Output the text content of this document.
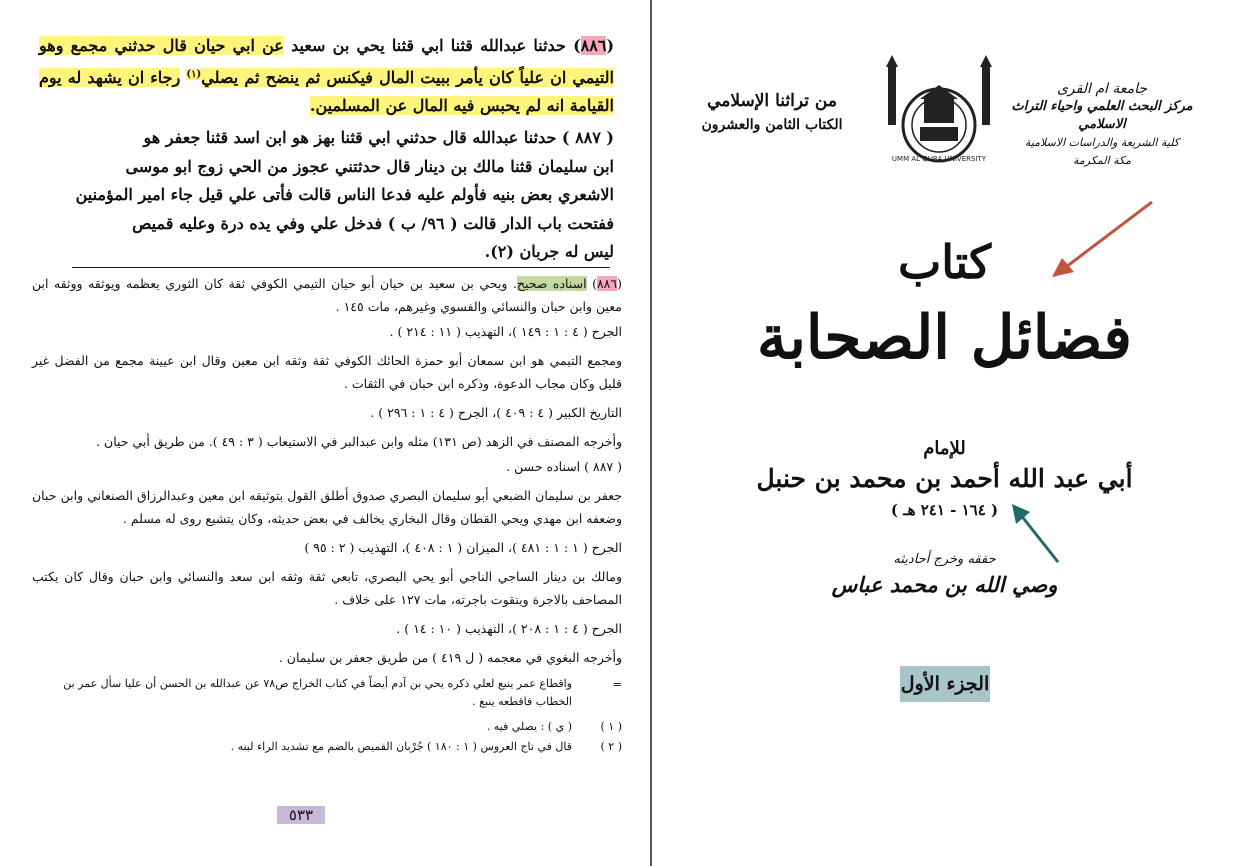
(٨٨٦) حدثنا عبدالله قثنا ابي قثنا يحي بن سعيد عن ابي حيان قال حدثني مجمع وهو التيمي ان علياً كان يأمر ببيت المال فيكنس ثم ينضح ثم يصلي$^{(١)}$ رجاء ان يشهد له يوم القيامة انه لم يحبس فيه المال عن المسلمين.
( ٨٨٧ ) حدثنا عبدالله قال حدثني ابي قثنا بهز هو ابن اسد قثنا جعفر هو
ابن سليمان قثنا مالك بن دينار قال حدثتني عجوز من الحي زوج ابو موسى
الاشعري بعض بنيه فأولم عليه فدعا الناس قالت فأتى علي قيل جاء امير المؤمنين
ففتحت باب الدار قالت ( ٩٦/ ب ) فدخل علي وفي يده درة وعليه قميص
ليس له جربان (٢).

(٨٨٦) اسناده صحيح. ويحي بن سعيد بن حيان أبو حيان التيمي الكوفي ثقة كان الثوري يعظمه ويوثقه ووثقه ابن معين وابن حبان والنسائي والفسوي وغيرهم، مات ١٤٥ .

الجرح ( ٤ : ١ : ١٤٩ )، التهذيب ( ١١ : ٢١٤ ) .

ومجمع التيمي هو ابن سمعان أبو حمزة الحائك الكوفي ثقة وثقه ابن معين وقال ابن عيينة مجمع من الفضل غير قليل وكان مجاب الدعوة، وذكره ابن حبان في الثقات .

التاريخ الكبير ( ٤ : ٤٠٩ )، الجرح ( ٤ : ١ : ٢٩٦ ) .

وأخرجه المصنف في الزهد (ص ١٣١) مثله وابن عبدالبر في الاستيعاب ( ٣ : ٤٩ ). من طريق أبي حيان .

( ٨٨٧ ) اسناده حسن .

جعفر بن سليمان الضبعي أبو سليمان البصري صدوق أطلق القول بتوثيقه ابن معين وعبدالرزاق الصنعاني وابن حبان وضعفه ابن مهدي ويحي القطان وقال البخاري يخالف في بعض حديثه، وكان يتشيع روى له مسلم .

الجرح ( ١ : ١ : ٤٨١ )، الميزان ( ١ : ٤٠٨ )، التهذيب ( ٢ : ٩٥ )

ومالك بن دينار الساجي الناجي أبو يحي البصري، تابعي ثقة وثقه ابن سعد والنسائي وابن حبان وقال كان يكتب المصاحف بالاجرة ويتقوت باجرته، مات ١٢٧ على خلاف .

الجرح ( ٤ : ١ : ٢٠٨ )، التهذيب ( ١٠ : ١٤ ) .

وأخرجه البغوي في معجمه ( ل ٤١٩ ) من طريق جعفر بن سليمان .

=
واقطاع عمر ينبع لعلي ذكره يحي بن آدم أيضاً في كتاب الخراج ص٧٨ عن عبدالله بن الحسن أن عليا سأل عمر بن الخطاب فاقطعه ينبع .
( ١ )
( ي ) : يصلي فيه .
( ٢ )
قال في تاج العروس ( ١ : ١٨٠ ) جُرْبان القميص بالضم مع تشديد الراء لبنه .
٥٣٣
جامعة ام القرى
مركز البحث العلمي واحياء التراث الاسلامي
كلية الشريعة والدراسات الاسلامية
مكة المكرمة
UMM AL QURA UNIVERSITY
من تراثنا الإسلامي
الكتاب الثامن والعشرون
كتاب
فضائل الصحابة
للإمام
أبي عبد الله أحمد بن محمد بن حنبل
( ١٦٤ - ٢٤١ هـ )
حققه وخرج أحاديثه
وصي الله بن محمد عباس
الجزء الأول
